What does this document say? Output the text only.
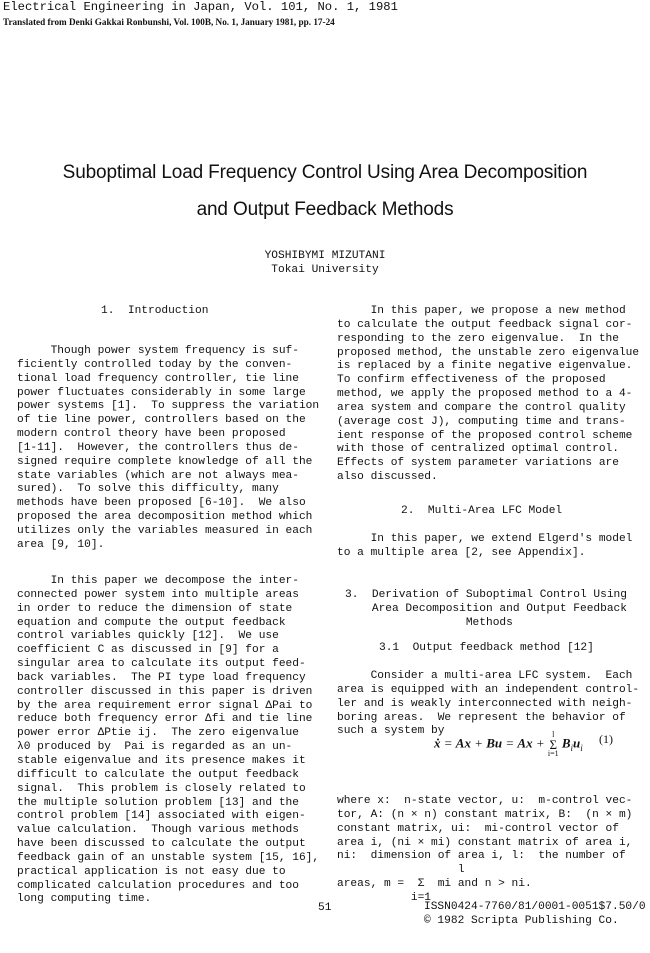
Electrical Engineering in Japan, Vol. 101, No. 1, 1981
Translated from Denki Gakkai Ronbunshi, Vol. 100B, No. 1, January 1981, pp. 17-24
Suboptimal Load Frequency Control Using Area Decomposition
and Output Feedback Methods
YOSHIBYMI MIZUTANI
Tokai University
1.  Introduction

Though power system frequency is suf-
ficiently controlled today by the conven-
tional load frequency controller, tie line
power fluctuates considerably in some large
power systems [1].  To suppress the variation
of tie line power, controllers based on the
modern control theory have been proposed
[1-11].  However, the controllers thus de-
signed require complete knowledge of all the
state variables (which are not always mea-
sured).  To solve this difficulty, many
methods have been proposed [6-10].  We also
proposed the area decomposition method which
utilizes only the variables measured in each
area [9, 10].

In this paper we decompose the inter-
connected power system into multiple areas
in order to reduce the dimension of state
equation and compute the output feedback
control variables quickly [12].  We use
coefficient C as discussed in [9] for a
singular area to calculate its output feed-
back variables.  The PI type load frequency
controller discussed in this paper is driven
by the area requirement error signal ΔPai to
reduce both frequency error Δfi and tie line
power error ΔPtie ij.  The zero eigenvalue
λ0 produced by  Pai is regarded as an un-
stable eigenvalue and its presence makes it
difficult to calculate the output feedback
signal.  This problem is closely related to
the multiple solution problem [13] and the
control problem [14] associated with eigen-
value calculation.  Though various methods
have been discussed to calculate the output
feedback gain of an unstable system [15, 16],
practical application is not easy due to
complicated calculation procedures and too
long computing time.

In this paper, we propose a new method
to calculate the output feedback signal cor-
responding to the zero eigenvalue.  In the
proposed method, the unstable zero eigenvalue
is replaced by a finite negative eigenvalue.
To confirm effectiveness of the proposed
method, we apply the proposed method to a 4-
area system and compare the control quality
(average cost J), computing time and trans-
ient response of the proposed control scheme
with those of centralized optimal control.
Effects of system parameter variations are
also discussed.

2.  Multi-Area LFC Model

In this paper, we extend Elgerd's model
to a multiple area [2, see Appendix].

3.  Derivation of Suboptimal Control Using
Area Decomposition and Output Feedback
Methods
3.1  Output feedback method [12]

Consider a multi-area LFC system.  Each
area is equipped with an independent control-
ler and is weakly interconnected with neigh-
boring areas.  We represent the behavior of
such a system by

ẋ = Ax + Bu = Ax +
l
Σ
i=1
$B_iu_i$
(1)

where x:  n-state vector, u:  m-control vec-
tor, A: (n × n) constant matrix, B:  (n × m)
constant matrix, ui:  mi-control vector of
area i, (ni × mi) constant matrix of area i,
ni:  dimension of area i, l:  the number of
l
areas, m =  Σ  mi and n > ni.
i=1

51	ISSN0424-7760/81/0001-0051$7.50/0
© 1982 Scripta Publishing Co.
